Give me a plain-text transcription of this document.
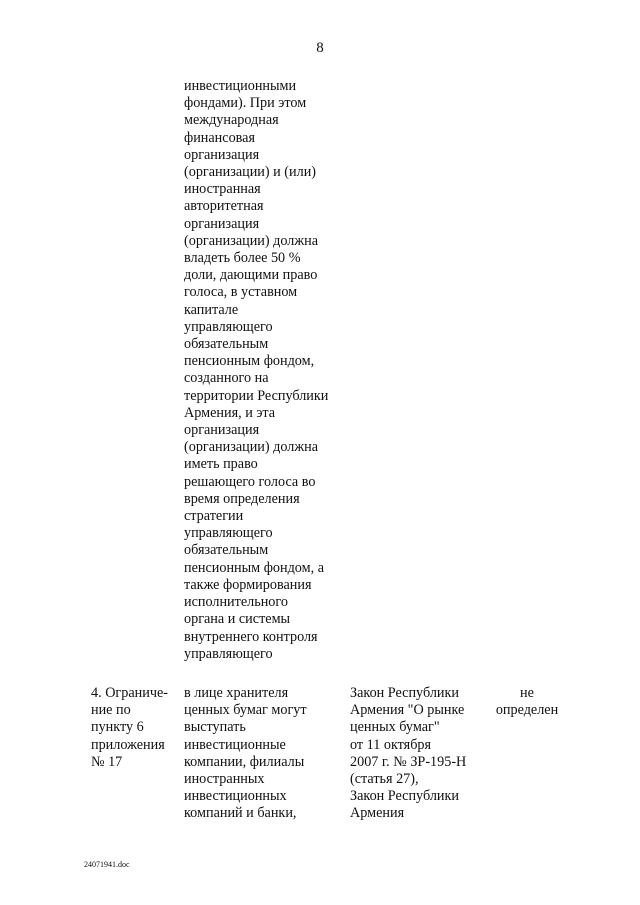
8
инвестиционными
фондами). При этом
международная
финансовая
организация
(организации) и (или)
иностранная
авторитетная
организация
(организации) должна
владеть более 50 %
доли, дающими право
голоса, в уставном
капитале
управляющего
обязательным
пенсионным фондом,
созданного на
территории Республики
Армения, и эта
организация
(организации) должна
иметь право
решающего голоса во
время определения
стратегии
управляющего
обязательным
пенсионным фондом, а
также формирования
исполнительного
органа и системы
внутреннего контроля
управляющего
4. Ограниче-
ние по
пункту 6
приложения
№ 17
в лице хранителя
ценных бумаг могут
выступать
инвестиционные
компании, филиалы
иностранных
инвестиционных
компаний и банки,
Закон Республики
Армения "О рынке
ценных бумаг"
от 11 октября
2007 г. № ЗР-195-Н
(статья 27),
Закон Республики
Армения
не
определен
24071941.doc
